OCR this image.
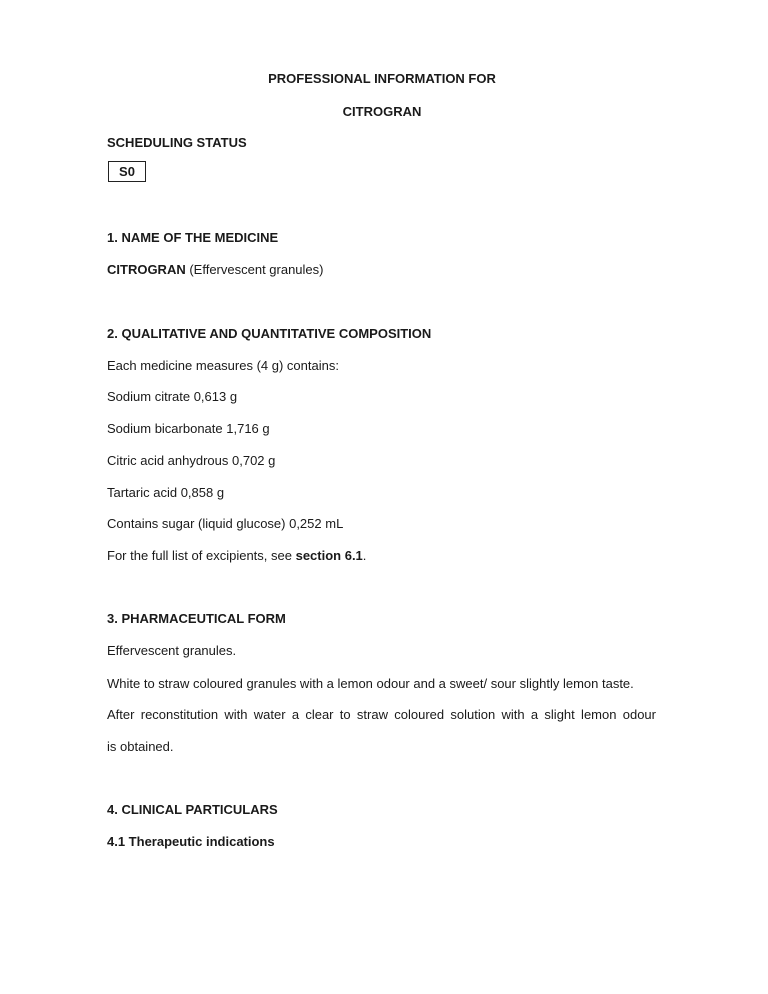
PROFESSIONAL INFORMATION FOR
CITROGRAN
SCHEDULING STATUS
S0
1. NAME OF THE MEDICINE
CITROGRAN (Effervescent granules)
2. QUALITATIVE AND QUANTITATIVE COMPOSITION
Each medicine measures (4 g) contains:
Sodium citrate 0,613 g
Sodium bicarbonate 1,716 g
Citric acid anhydrous 0,702 g
Tartaric acid 0,858 g
Contains sugar (liquid glucose) 0,252 mL
For the full list of excipients, see section 6.1.
3. PHARMACEUTICAL FORM
Effervescent granules.
White to straw coloured granules with a lemon odour and a sweet/ sour slightly lemon taste.
After reconstitution with water a clear to straw coloured solution with a slight lemon odour
is obtained.
4. CLINICAL PARTICULARS
4.1 Therapeutic indications
